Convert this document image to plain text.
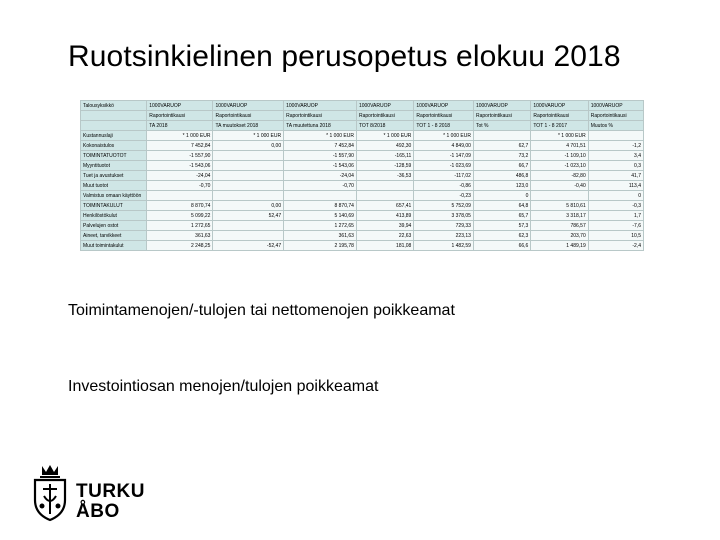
Ruotsinkielinen perusopetus elokuu 2018
Talousyksikkö	1000VARUOP	1000VARUOP	1000VARUOP	1000VARUOP	1000VARUOP	1000VARUOP	1000VARUOP	1000VARUOP
	Raportointikausi	Raportointikausi	Raportointikausi	Raportointikausi	Raportointikausi	Raportointikausi	Raportointikausi	Raportointikausi
	TA 2018	TA muutokset 2018	TA muutettuna 2018	TOT 8/2018	TOT 1 - 8 2018	Tot %	TOT 1 - 8 2017	Muutos %
Kustannuslaji	* 1 000 EUR	* 1 000 EUR	* 1 000 EUR	* 1 000 EUR	* 1 000 EUR		* 1 000 EUR	
Kokonaistulos	7 452,84	0,00	7 452,84	492,30	4 849,00	62,7	4 701,51	-1,2
TOIMINTATUOTOT	-1 557,90		-1 557,90	-165,11	-1 147,09	73,2	-1 109,10	3,4
Myyntituotot	-1 543,06		-1 543,06	-128,59	-1 023,69	66,7	-1 023,10	0,3
Tuet ja avustukset	-24,04		-24,04	-36,53	-117,02	486,8	-82,80	41,7
Muut tuotot	-0,70		-0,70		-0,86	123,0	-0,40	113,4
Valmistus omaan käyttöön					-0,23	0		0
TOIMINTAKULUT	8 870,74	0,00	8 870,74	657,41	5 752,09	64,8	5 810,61	-0,3
Henkilöstökulut	5 099,22	52,47	5 140,69	413,89	3 378,05	65,7	3 318,17	1,7
Palvelujen ostot	1 272,65		1 272,65	39,94	729,33	57,3	786,57	-7,6
Aineet, tarvikkeet	361,63		361,63	22,63	223,13	62,3	203,70	10,5
Muut toimintakulut	2 248,25	-52,47	2 195,78	181,08	1 482,59	66,6	1 489,19	-2,4
Toimintamenojen/-tulojen tai nettomenojen poikkeamat
Investointiosan menojen/tulojen poikkeamat
TURKU
ÅBO
